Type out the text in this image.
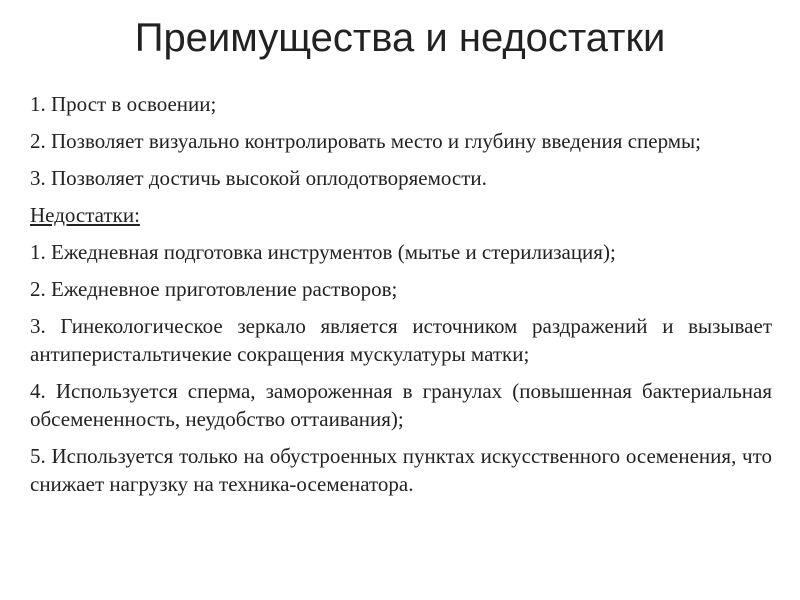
Преимущества и недостатки

1. Прост в освоении;

2. Позволяет визуально контролировать место и глубину введения спермы;

3. Позволяет достичь высокой оплодотворяемости.

Недостатки:

1. Ежедневная подготовка инструментов (мытье и стерилизация);

2. Ежедневное приготовление растворов;

3. Гинекологическое зеркало является источником раздражений и вызывает антиперистальтичекие сокращения мускулатуры матки;

4. Используется сперма, замороженная в гранулах (повышенная бактериальная обсемененность, неудобство оттаивания);

5. Используется только на обустроенных пунктах искусственного осеменения, что снижает нагрузку на техника-осеменатора.
